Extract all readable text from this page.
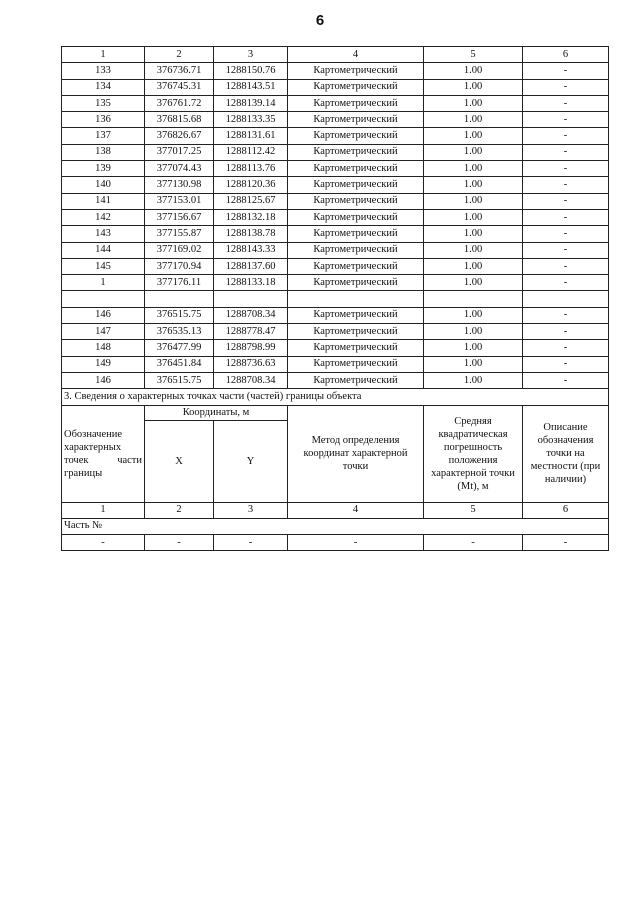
6
1	2	3	4	5	6
133	376736.71	1288150.76	Картометрический	1.00	-
134	376745.31	1288143.51	Картометрический	1.00	-
135	376761.72	1288139.14	Картометрический	1.00	-
136	376815.68	1288133.35	Картометрический	1.00	-
137	376826.67	1288131.61	Картометрический	1.00	-
138	377017.25	1288112.42	Картометрический	1.00	-
139	377074.43	1288113.76	Картометрический	1.00	-
140	377130.98	1288120.36	Картометрический	1.00	-
141	377153.01	1288125.67	Картометрический	1.00	-
142	377156.67	1288132.18	Картометрический	1.00	-
143	377155.87	1288138.78	Картометрический	1.00	-
144	377169.02	1288143.33	Картометрический	1.00	-
145	377170.94	1288137.60	Картометрический	1.00	-
1	377176.11	1288133.18	Картометрический	1.00	-

146	376515.75	1288708.34	Картометрический	1.00	-
147	376535.13	1288778.47	Картометрический	1.00	-
148	376477.99	1288798.99	Картометрический	1.00	-
149	376451.84	1288736.63	Картометрический	1.00	-
146	376515.75	1288708.34	Картометрический	1.00	-
3. Сведения о характерных точках части (частей) границы объекта					
Обозначение характерных точек части границы	Координаты, м		Метод определения координат характерной точки	Средняя квадратическая погрешность положения характерной точки (Mt), м	Описание обозначения точки на местности (при наличии)
	X	Y			
1	2	3	4	5	6
Часть №					
-	-	-	-	-	-
